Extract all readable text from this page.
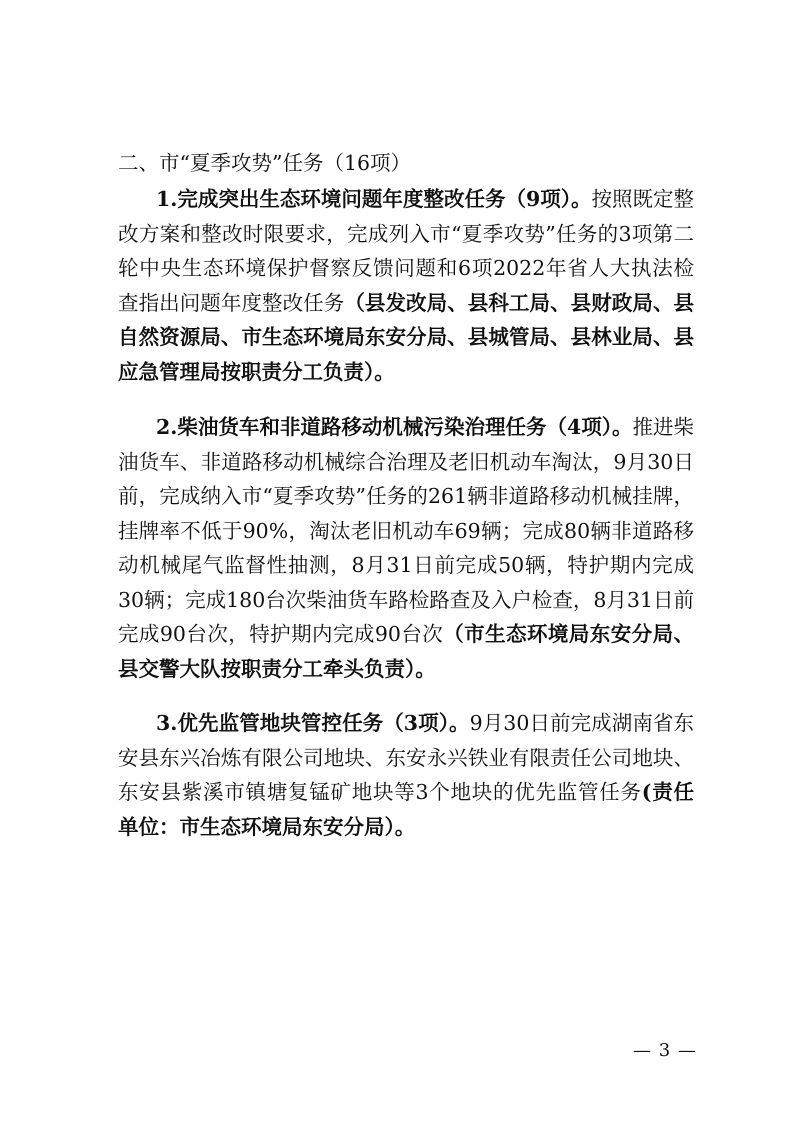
二、市“夏季攻势”任务（16项）
1.完成突出生态环境问题年度整改任务（9项）。按照既定整改方案和整改时限要求，完成列入市“夏季攻势”任务的3项第二轮中央生态环境保护督察反馈问题和6项2022年省人大执法检查指出问题年度整改任务（县发改局、县科工局、县财政局、县自然资源局、市生态环境局东安分局、县城管局、县林业局、县应急管理局按职责分工负责）。
2.柴油货车和非道路移动机械污染治理任务（4项）。推进柴油货车、非道路移动机械综合治理及老旧机动车淘汰，9月30日前，完成纳入市“夏季攻势”任务的261辆非道路移动机械挂牌，挂牌率不低于90%，淘汰老旧机动车69辆；完成80辆非道路移动机械尾气监督性抽测，8月31日前完成50辆，特护期内完成30辆；完成180台次柴油货车路检路查及入户检查，8月31日前完成90台次，特护期内完成90台次（市生态环境局东安分局、县交警大队按职责分工牵头负责）。
3.优先监管地块管控任务（3项）。9月30日前完成湖南省东安县东兴冶炼有限公司地块、东安永兴铁业有限责任公司地块、东安县紫溪市镇塘复锰矿地块等3个地块的优先监管任务(责任单位：市生态环境局东安分局）。
— 3 —
